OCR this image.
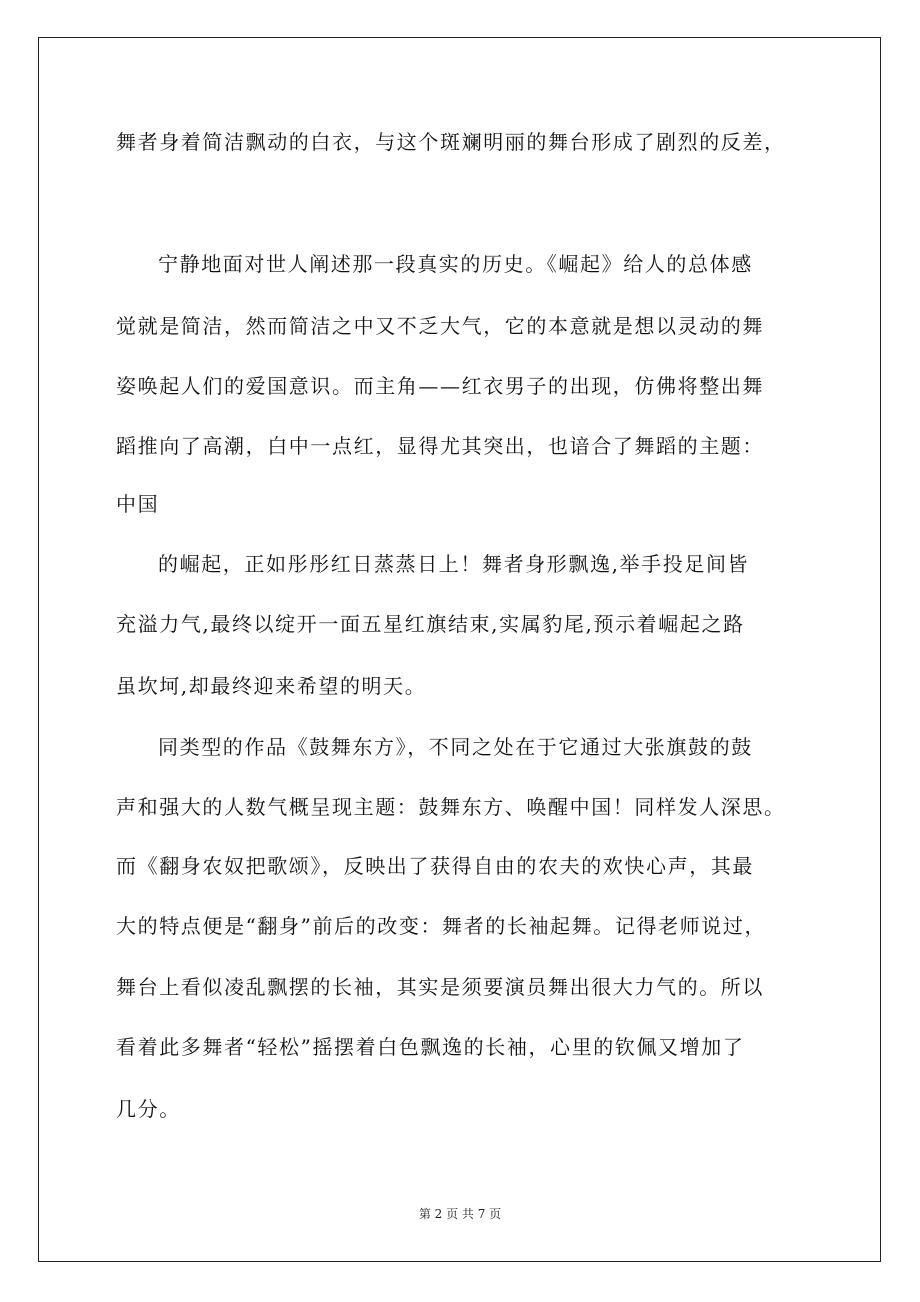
舞者身着简洁飘动的白衣，与这个斑斓明丽的舞台形成了剧烈的反差，
宁静地面对世人阐述那一段真实的历史。《崛起》给人的总体感
觉就是简洁，然而简洁之中又不乏大气，它的本意就是想以灵动的舞
姿唤起人们的爱国意识。而主角——红衣男子的出现，仿佛将整出舞
蹈推向了高潮，白中一点红，显得尤其突出，也谙合了舞蹈的主题：
中国
的崛起，正如彤彤红日蒸蒸日上！舞者身形飘逸,举手投足间皆
充溢力气,最终以绽开一面五星红旗结束,实属豹尾,预示着崛起之路
虽坎坷,却最终迎来希望的明天。
同类型的作品《鼓舞东方》，不同之处在于它通过大张旗鼓的鼓
声和强大的人数气概呈现主题：鼓舞东方、唤醒中国！同样发人深思。
而《翻身农奴把歌颂》，反映出了获得自由的农夫的欢快心声，其最
大的特点便是“翻身”前后的改变：舞者的长袖起舞。记得老师说过，
舞台上看似凌乱飘摆的长袖，其实是须要演员舞出很大力气的。所以
看着此多舞者“轻松”摇摆着白色飘逸的长袖，心里的钦佩又增加了
几分。
第 2 页 共 7 页
